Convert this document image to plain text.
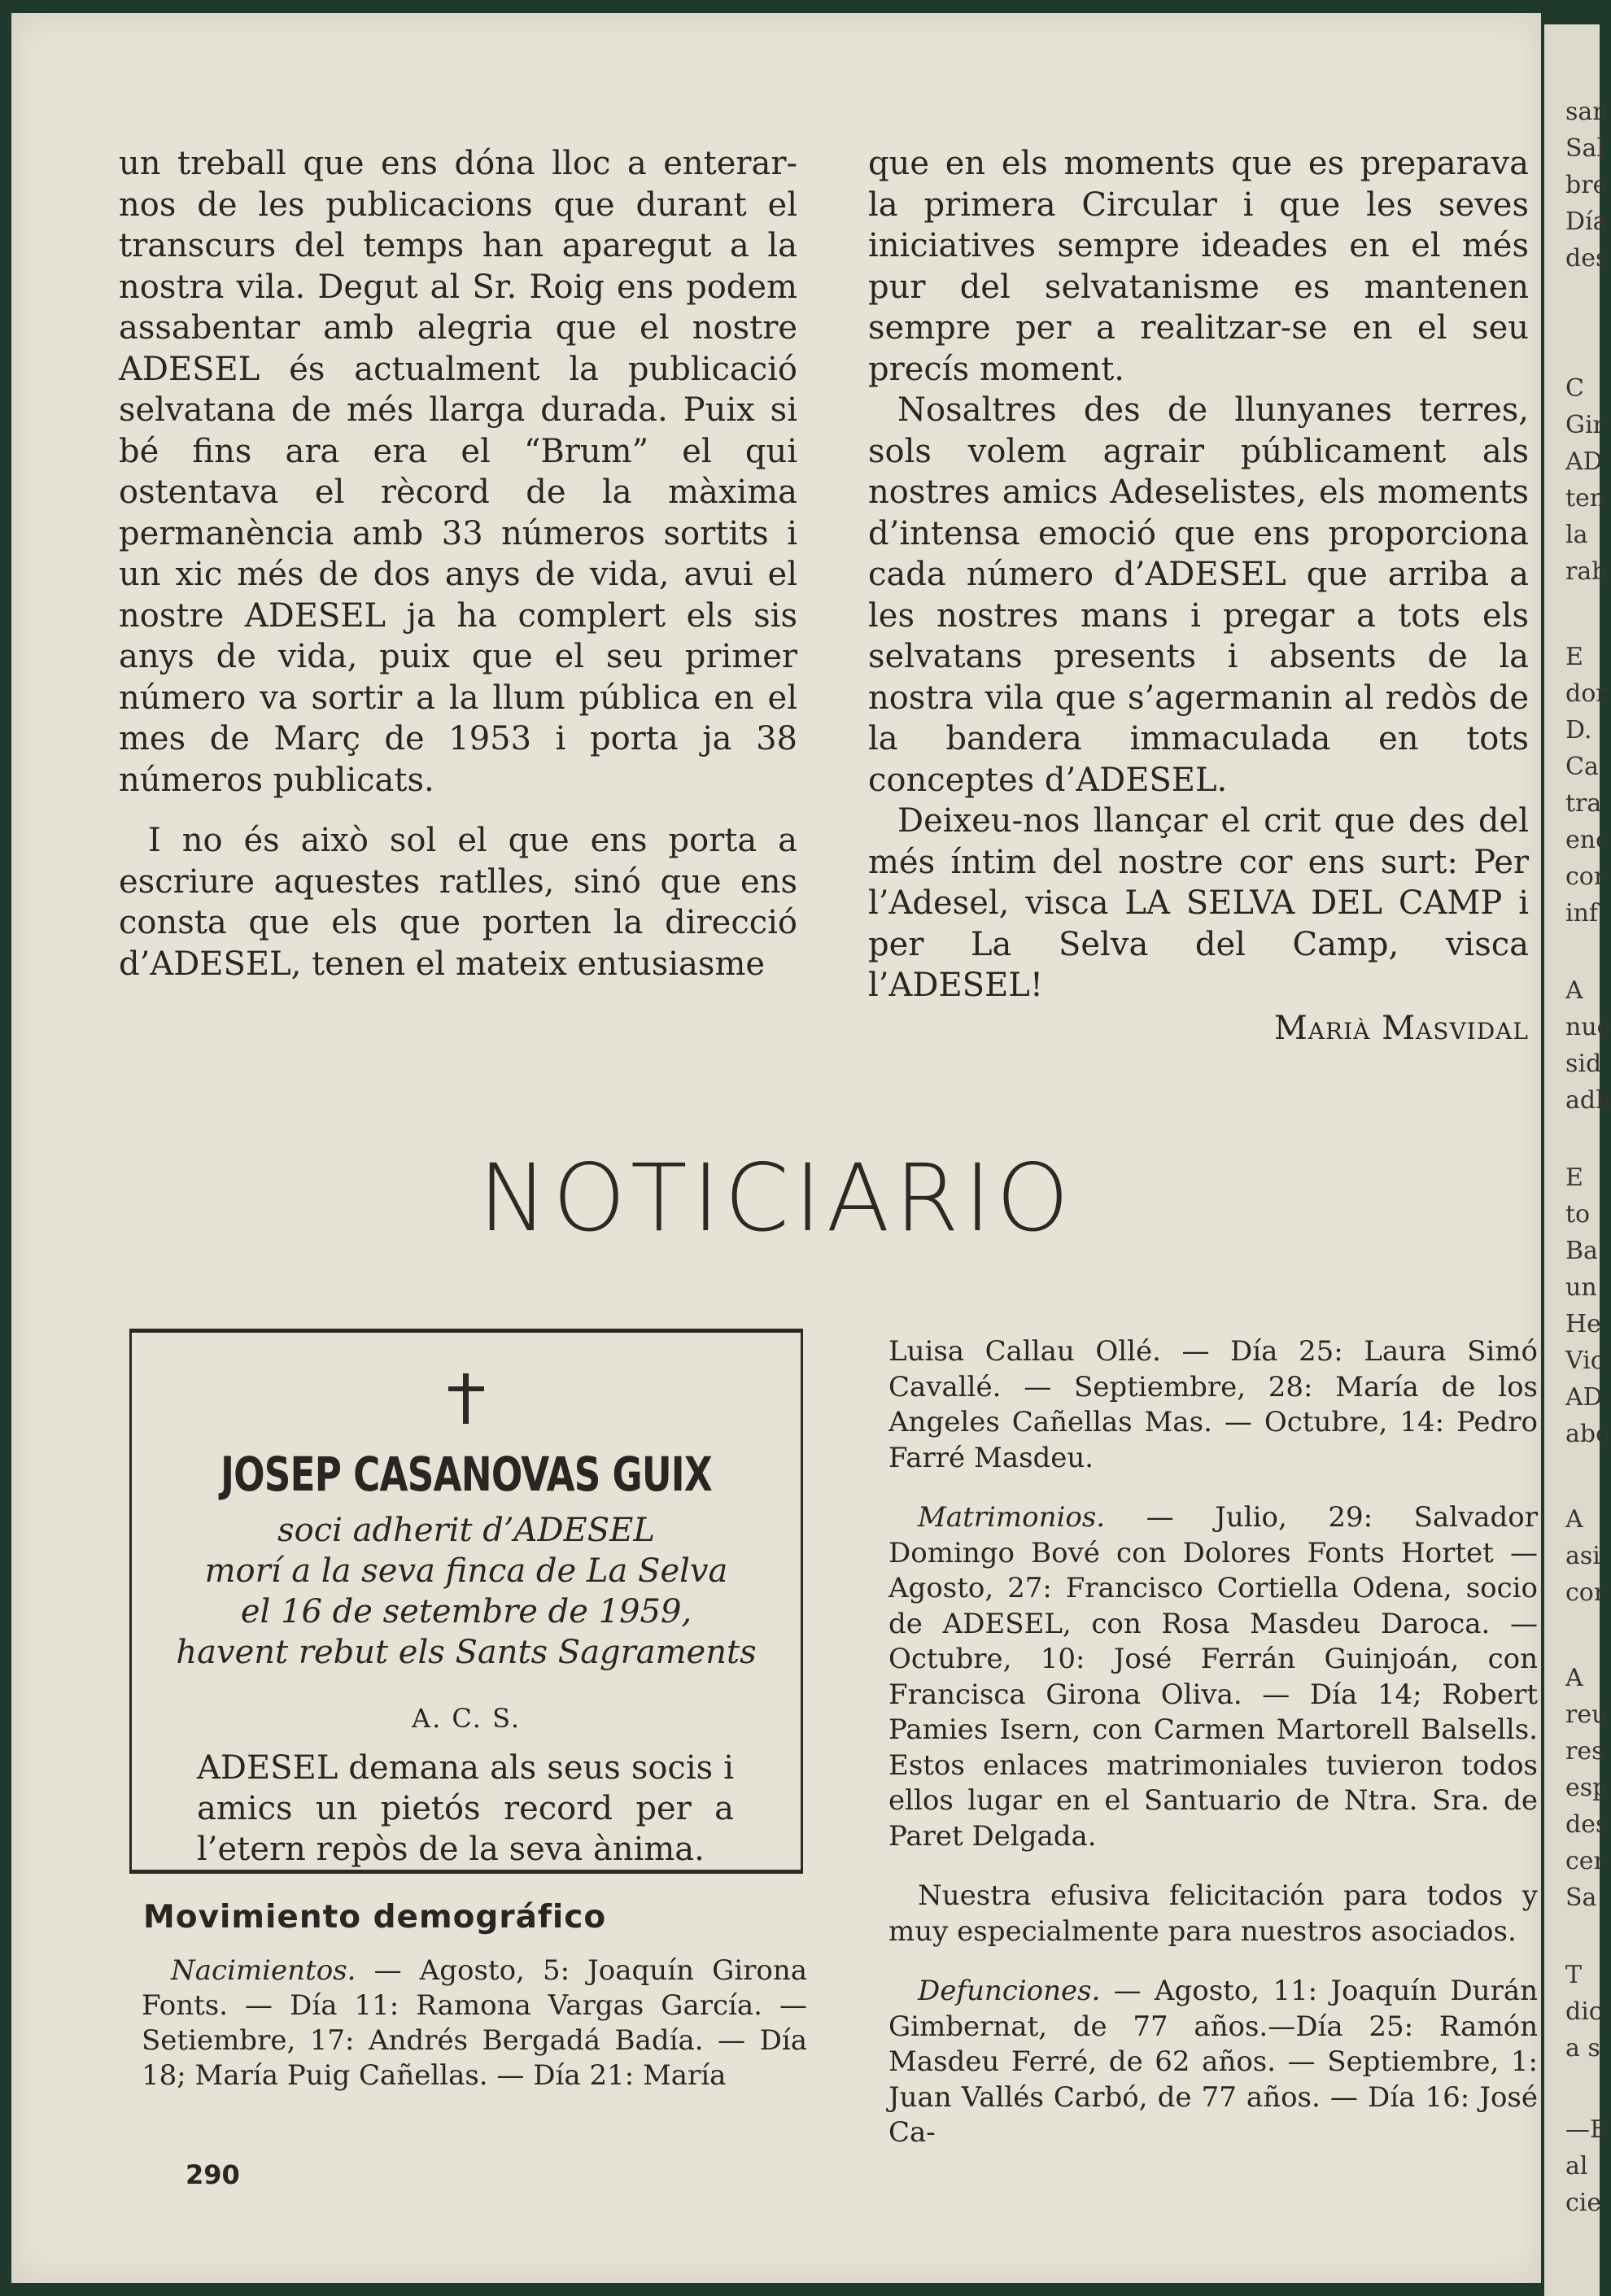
san
Sal
bre
Día
des
C
Gir
AD
ten
la
rab
E
dor
D.
Ca
tra
enc
cor
inf
A
nue
sid
adh
E
to
Ba
un
He
Vic
AD
abo
A
asi
cor
A
reu
res
esp
des
cer
Sa
T
dic
a s
—E
al
cie

un treball que ens dóna lloc a enterar-nos de les publicacions que durant el transcurs del temps han aparegut a la nostra vila. Degut al Sr. Roig ens podem assabentar amb alegria que el nostre ADESEL és actualment la publicació selvatana de més llarga durada. Puix si bé fins ara era el “Brum” el qui ostentava el rècord de la màxima permanència amb 33 números sortits i un xic més de dos anys de vida, avui el nostre ADESEL ja ha complert els sis anys de vida, puix que el seu primer número va sortir a la llum pública en el mes de Març de 1953 i porta ja 38 números publicats.

I no és això sol el que ens porta a escriure aquestes ratlles, sinó que ens consta que els que porten la direcció d’ADESEL, tenen el mateix entusiasme

que en els moments que es preparava la primera Circular i que les seves iniciatives sempre ideades en el més pur del selvatanisme es mantenen sempre per a realitzar-se en el seu precís moment.

Nosaltres des de llunyanes terres, sols volem agrair públicament als nostres amics Adeselistes, els moments d’intensa emoció que ens proporciona cada número d’ADESEL que arriba a les nostres mans i pregar a tots els selvatans presents i absents de la nostra vila que s’agermanin al redòs de la bandera immaculada en tots conceptes d’ADESEL.

Deixeu-nos llançar el crit que des del més íntim del nostre cor ens surt: Per l’Adesel, visca LA SELVA DEL CAMP i per La Selva del Camp, visca l’ADESEL!

Marià Masvidal

NOTICIARIO
JOSEP CASANOVAS GUIX
soci adherit d’ADESEL
morí a la seva finca de La Selva
el 16 de setembre de 1959,
havent rebut els Sants Sagraments
A. C. S.
ADESEL demana als seus socis i amics un pietós record per a l’etern repòs de la seva ànima.
Movimiento demográfico

Nacimientos. — Agosto, 5: Joaquín Girona Fonts. — Día 11: Ramona Vargas García. — Setiembre, 17: Andrés Bergadá Badía. — Día 18; María Puig Cañellas. — Día 21: María

Luisa Callau Ollé. — Día 25: Laura Simó Cavallé. — Septiembre, 28: María de los Angeles Cañellas Mas. — Octubre, 14: Pedro Farré Masdeu.

Matrimonios. — Julio, 29: Salvador Domingo Bové con Dolores Fonts Hortet — Agosto, 27: Francisco Cortiella Odena, socio de ADESEL, con Rosa Masdeu Daroca. — Octubre, 10: José Ferrán Guinjoán, con Francisca Girona Oliva. — Día 14; Robert Pamies Isern, con Carmen Martorell Balsells. Estos enlaces matrimoniales tuvieron todos ellos lugar en el Santuario de Ntra. Sra. de Paret Delgada.

Nuestra efusiva felicitación para todos y muy especialmente para nuestros asociados.

Defunciones. — Agosto, 11: Joaquín Durán Gimbernat, de 77 años.—Día 25: Ramón Masdeu Ferré, de 62 años. — Septiembre, 1: Juan Vallés Carbó, de 77 años. — Día 16: José Ca-

290
